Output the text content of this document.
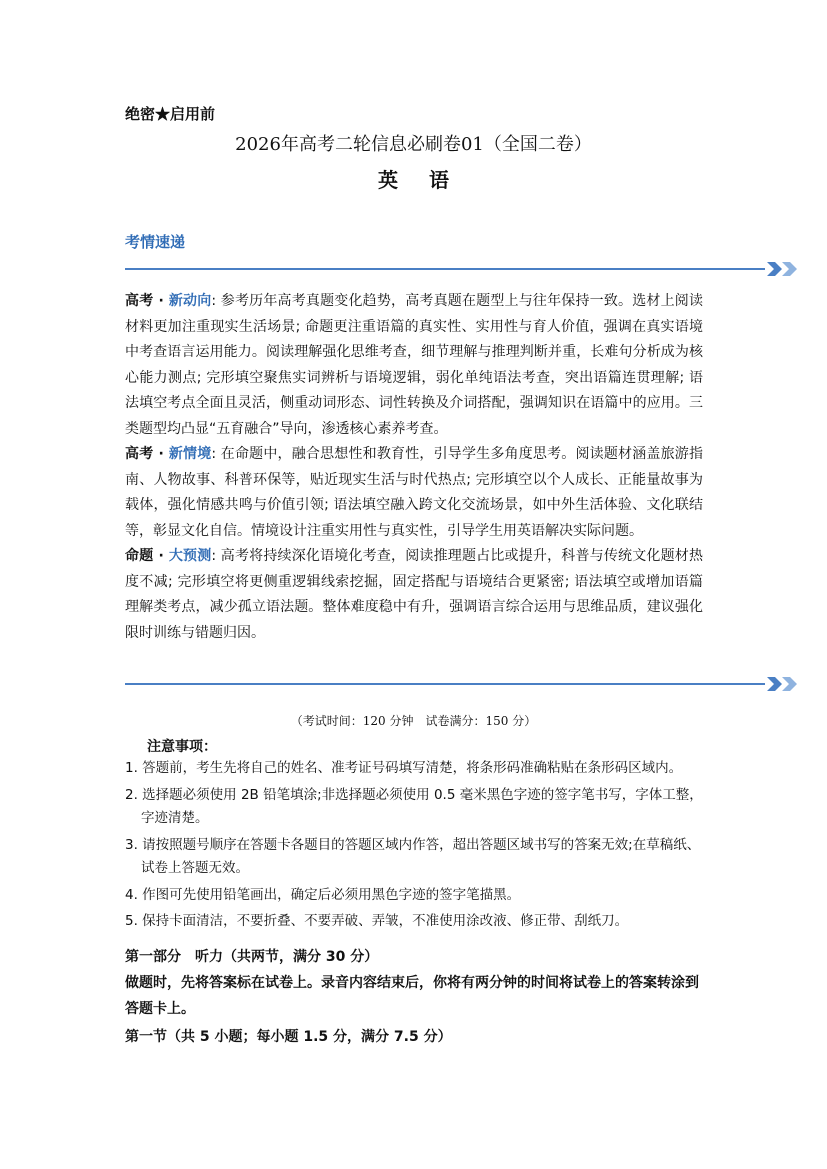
绝密★启用前
2026年高考二轮信息必刷卷01（全国二卷）
英 语
考情速递

高考 · 新动向: 参考历年高考真题变化趋势，高考真题在题型上与往年保持一致。选材上阅读材料更加注重现实生活场景; 命题更注重语篇的真实性、实用性与育人价值，强调在真实语境中考查语言运用能力。阅读理解强化思维考查，细节理解与推理判断并重，长难句分析成为核心能力测点; 完形填空聚焦实词辨析与语境逻辑，弱化单纯语法考查，突出语篇连贯理解; 语法填空考点全面且灵活，侧重动词形态、词性转换及介词搭配，强调知识在语篇中的应用。三类题型均凸显“五育融合”导向，渗透核心素养考查。

高考 · 新情境: 在命题中，融合思想性和教育性，引导学生多角度思考。阅读题材涵盖旅游指南、人物故事、科普环保等，贴近现实生活与时代热点; 完形填空以个人成长、正能量故事为载体，强化情感共鸣与价值引领; 语法填空融入跨文化交流场景，如中外生活体验、文化联结等，彰显文化自信。情境设计注重实用性与真实性，引导学生用英语解决实际问题。

命题 · 大预测: 高考将持续深化语境化考查，阅读推理题占比或提升，科普与传统文化题材热度不减; 完形填空将更侧重逻辑线索挖掘，固定搭配与语境结合更紧密; 语法填空或增加语篇理解类考点，减少孤立语法题。整体难度稳中有升，强调语言综合运用与思维品质，建议强化限时训练与错题归因。

（考试时间：120 分钟　试卷满分：150 分）
注意事项：
1. 答题前，考生先将自己的姓名、准考证号码填写清楚，将条形码准确粘贴在条形码区域内。
2. 选择题必须使用 2B 铅笔填涂;非选择题必须使用 0.5 毫米黑色字迹的签字笔书写，字体工整，字迹清楚。
3. 请按照题号顺序在答题卡各题目的答题区域内作答，超出答题区域书写的答案无效;在草稿纸、试卷上答题无效。
4. 作图可先使用铅笔画出，确定后必须用黑色字迹的签字笔描黑。
5. 保持卡面清洁，不要折叠、不要弄破、弄皱，不准使用涂改液、修正带、刮纸刀。
第一部分　听力（共两节，满分 30 分）
做题时，先将答案标在试卷上。录音内容结束后，你将有两分钟的时间将试卷上的答案转涂到答题卡上。
第一节（共 5 小题；每小题 1.5 分，满分 7.5 分）
